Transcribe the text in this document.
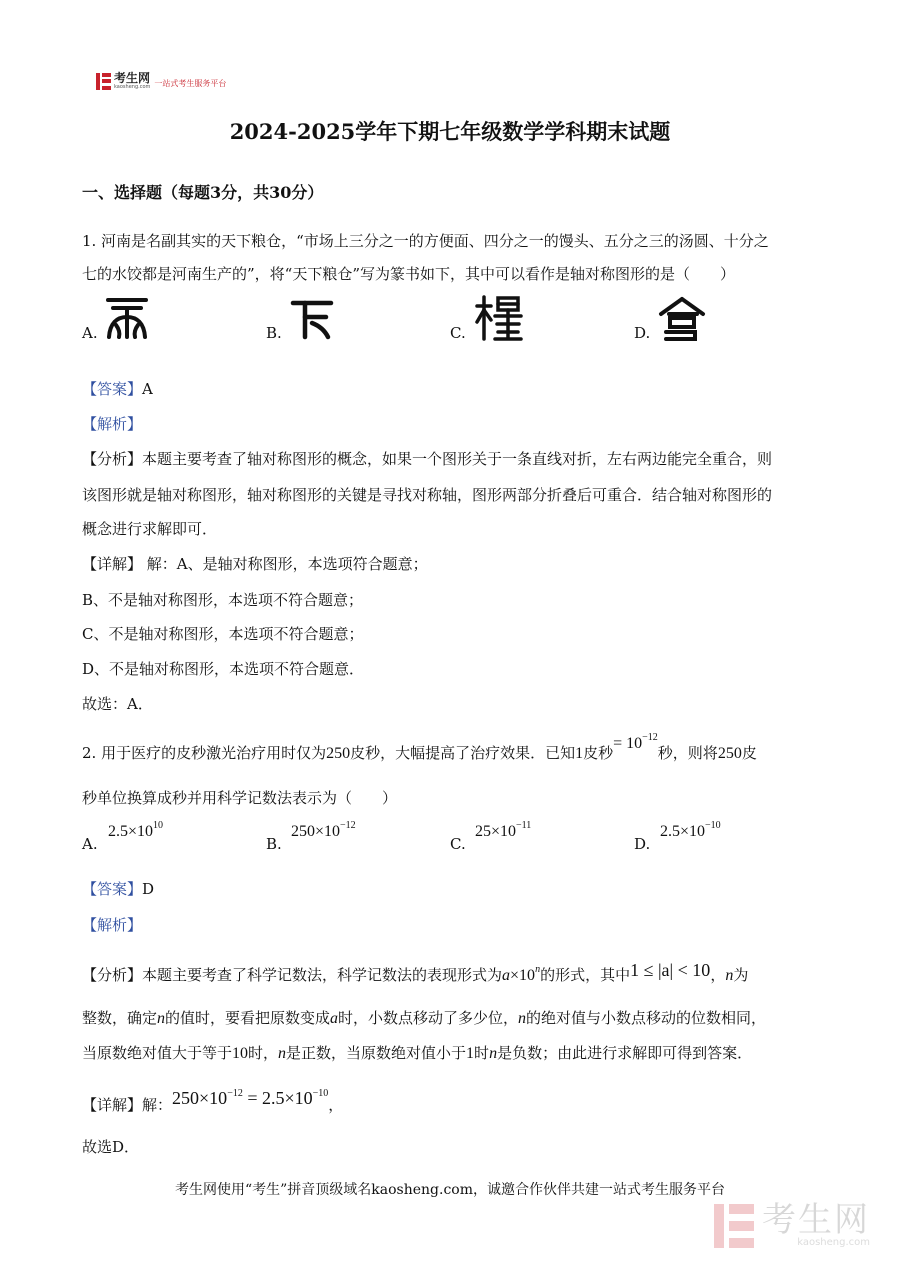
考生网
kaosheng.com 一站式考生服务平台
2024-2025学年下期七年级数学学科期末试题
一、选择题（每题3分，共30分）
1. 河南是名副其实的天下粮仓，“市场上三分之一的方便面、四分之一的馒头、五分之三的汤圆、十分之
七的水饺都是河南生产的”，将“天下粮仓”写为篆书如下，其中可以看作是轴对称图形的是（　　）
A.	B.	C.	D.
【答案】A
【解析】
【分析】本题主要考查了轴对称图形的概念，如果一个图形关于一条直线对折，左右两边能完全重合，则
该图形就是轴对称图形，轴对称图形的关键是寻找对称轴，图形两部分折叠后可重合．结合轴对称图形的
概念进行求解即可．
【详解】 解：A、是轴对称图形，本选项符合题意；
B、不是轴对称图形，本选项不符合题意；
C、不是轴对称图形，本选项不符合题意；
D、不是轴对称图形，本选项不符合题意．
故选：A．
2. 用于医疗的皮秒激光治疗用时仅为250皮秒，大幅提高了治疗效果．已知1皮秒= $10^{-12}$秒，则将250皮
秒单位换算成秒并用科学记数法表示为（　　）
A.
$2.5\times 10^{10}$
B.
$250\times 10^{-12}$
C.
$25\times 10^{-11}$
D.
$2.5\times 10^{-10}$
【答案】D
【解析】
【分析】本题主要考查了科学记数法，科学记数法的表现形式为$a\times 10^n$的形式，其中1 ≤ |a| < 10，n为
整数，确定n的值时，要看把原数变成a时，小数点移动了多少位，n的绝对值与小数点移动的位数相同，
当原数绝对值大于等于10时，n是正数，当原数绝对值小于1时n是负数；由此进行求解即可得到答案．
【详解】解：$250\times 10^{-12} = 2.5\times 10^{-10}$，
故选D．
考生网使用“考生”拼音顶级域名kaosheng.com，诚邀合作伙伴共建一站式考生服务平台
考生网
kaosheng.com
